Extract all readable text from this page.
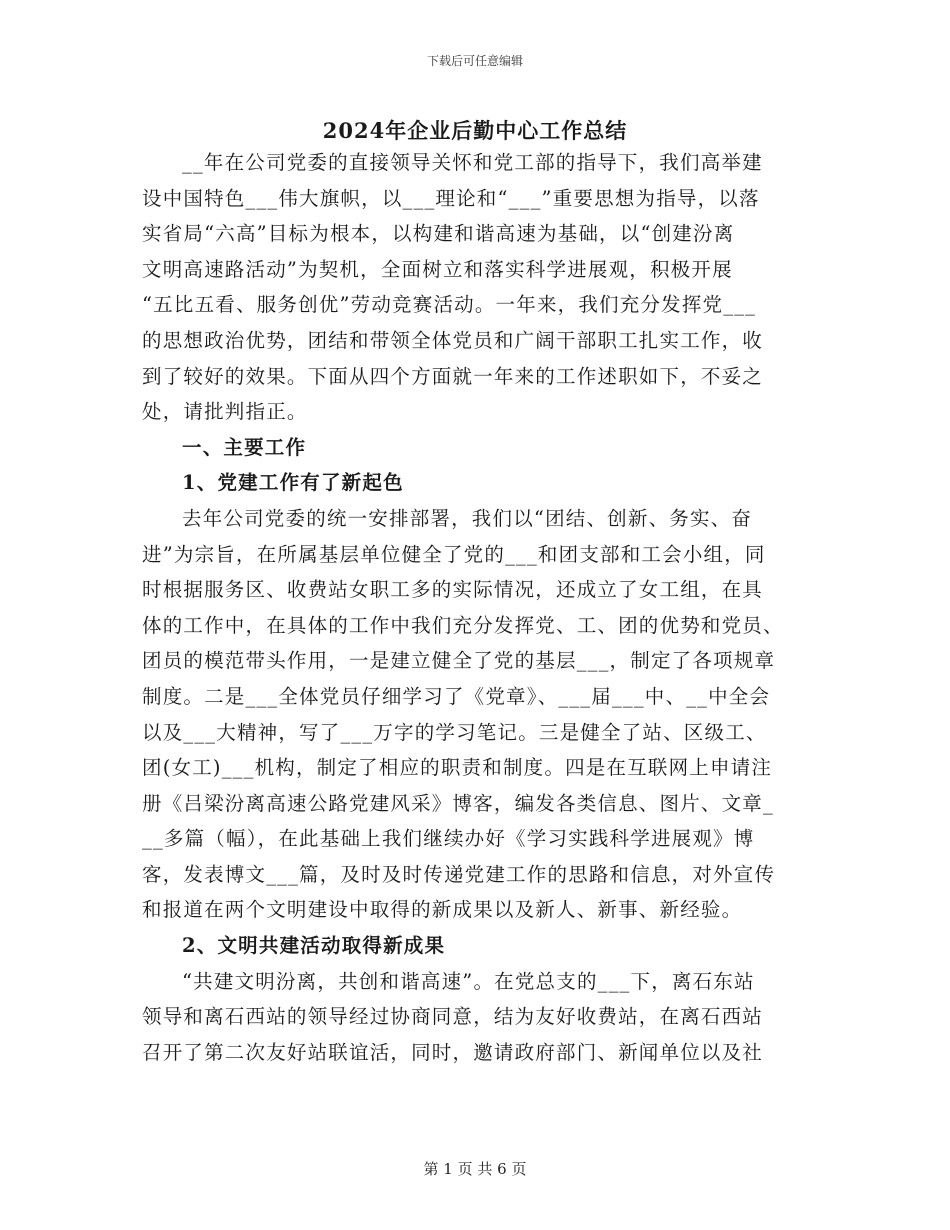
下载后可任意编辑
2024年企业后勤中心工作总结
__年在公司党委的直接领导关怀和党工部的指导下，我们高举建
设中国特色___伟大旗帜，以___理论和“___”重要思想为指导，以落
实省局“六高”目标为根本，以构建和谐高速为基础，以“创建汾离
文明高速路活动”为契机，全面树立和落实科学进展观，积极开展
“五比五看、服务创优”劳动竞赛活动。一年来，我们充分发挥党___
的思想政治优势，团结和带领全体党员和广阔干部职工扎实工作，收
到了较好的效果。下面从四个方面就一年来的工作述职如下，不妥之
处，请批判指正。
一、主要工作
1、党建工作有了新起色
去年公司党委的统一安排部署，我们以“团结、创新、务实、奋
进”为宗旨，在所属基层单位健全了党的___和团支部和工会小组，同
时根据服务区、收费站女职工多的实际情况，还成立了女工组，在具
体的工作中，在具体的工作中我们充分发挥党、工、团的优势和党员、
团员的模范带头作用，一是建立健全了党的基层___，制定了各项规章
制度。二是___全体党员仔细学习了《党章》、___届___中、__中全会
以及___大精神，写了___万字的学习笔记。三是健全了站、区级工、
团(女工)___机构，制定了相应的职责和制度。四是在互联网上申请注
册《吕梁汾离高速公路党建风采》博客，编发各类信息、图片、文章_
__多篇（幅），在此基础上我们继续办好《学习实践科学进展观》博
客，发表博文___篇，及时及时传递党建工作的思路和信息，对外宣传
和报道在两个文明建设中取得的新成果以及新人、新事、新经验。
2、文明共建活动取得新成果
“共建文明汾离，共创和谐高速”。在党总支的___下，离石东站
领导和离石西站的领导经过协商同意，结为友好收费站，在离石西站
召开了第二次友好站联谊活，同时，邀请政府部门、新闻单位以及社
第 1 页 共 6 页
